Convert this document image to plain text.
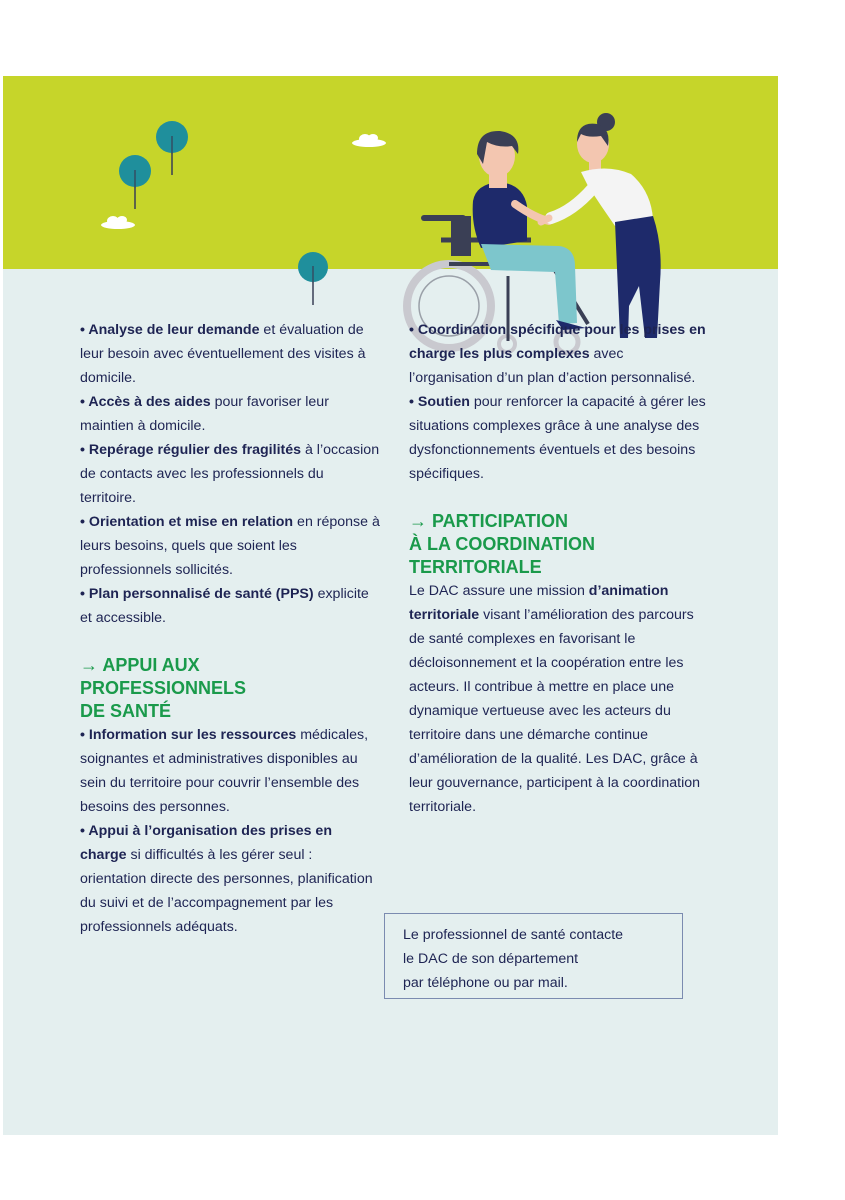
• Analyse de leur demande et évaluation de leur besoin avec éventuellement des visites à domicile.

• Accès à des aides pour favoriser leur maintien à domicile.

• Repérage régulier des fragilités à l’occasion de contacts avec les professionnels du territoire.

• Orientation et mise en relation en réponse à leurs besoins, quels que soient les professionnels sollicités.

• Plan personnalisé de santé (PPS) explicite et accessible.

→ APPUI AUX

PROFESSIONNELS

DE SANTÉ

• Information sur les ressources médicales, soignantes et administratives disponibles au sein du territoire pour couvrir l’ensemble des besoins des personnes.

• Appui à l’organisation des prises en charge si difficultés à les gérer seul : orientation directe des personnes, planification du suivi et de l’accompagnement par les professionnels adéquats.

• Coordination spécifique pour les prises en charge les plus complexes avec l’organisation d’un plan d’action personnalisé.

• Soutien pour renforcer la capacité à gérer les situations complexes grâce à une analyse des dysfonctionnements éventuels et des besoins spécifiques.

→ PARTICIPATION

À LA COORDINATION

TERRITORIALE

Le DAC assure une mission d’animation territoriale visant l’amélioration des parcours de santé complexes en favorisant le décloisonnement et la coopération entre les acteurs. Il contribue à mettre en place une dynamique vertueuse avec les acteurs du territoire dans une démarche continue d’amélioration de la qualité. Les DAC, grâce à leur gouvernance, participent à la coordination territoriale.

Le professionnel de santé contacte
le DAC de son département
par téléphone ou par mail.
